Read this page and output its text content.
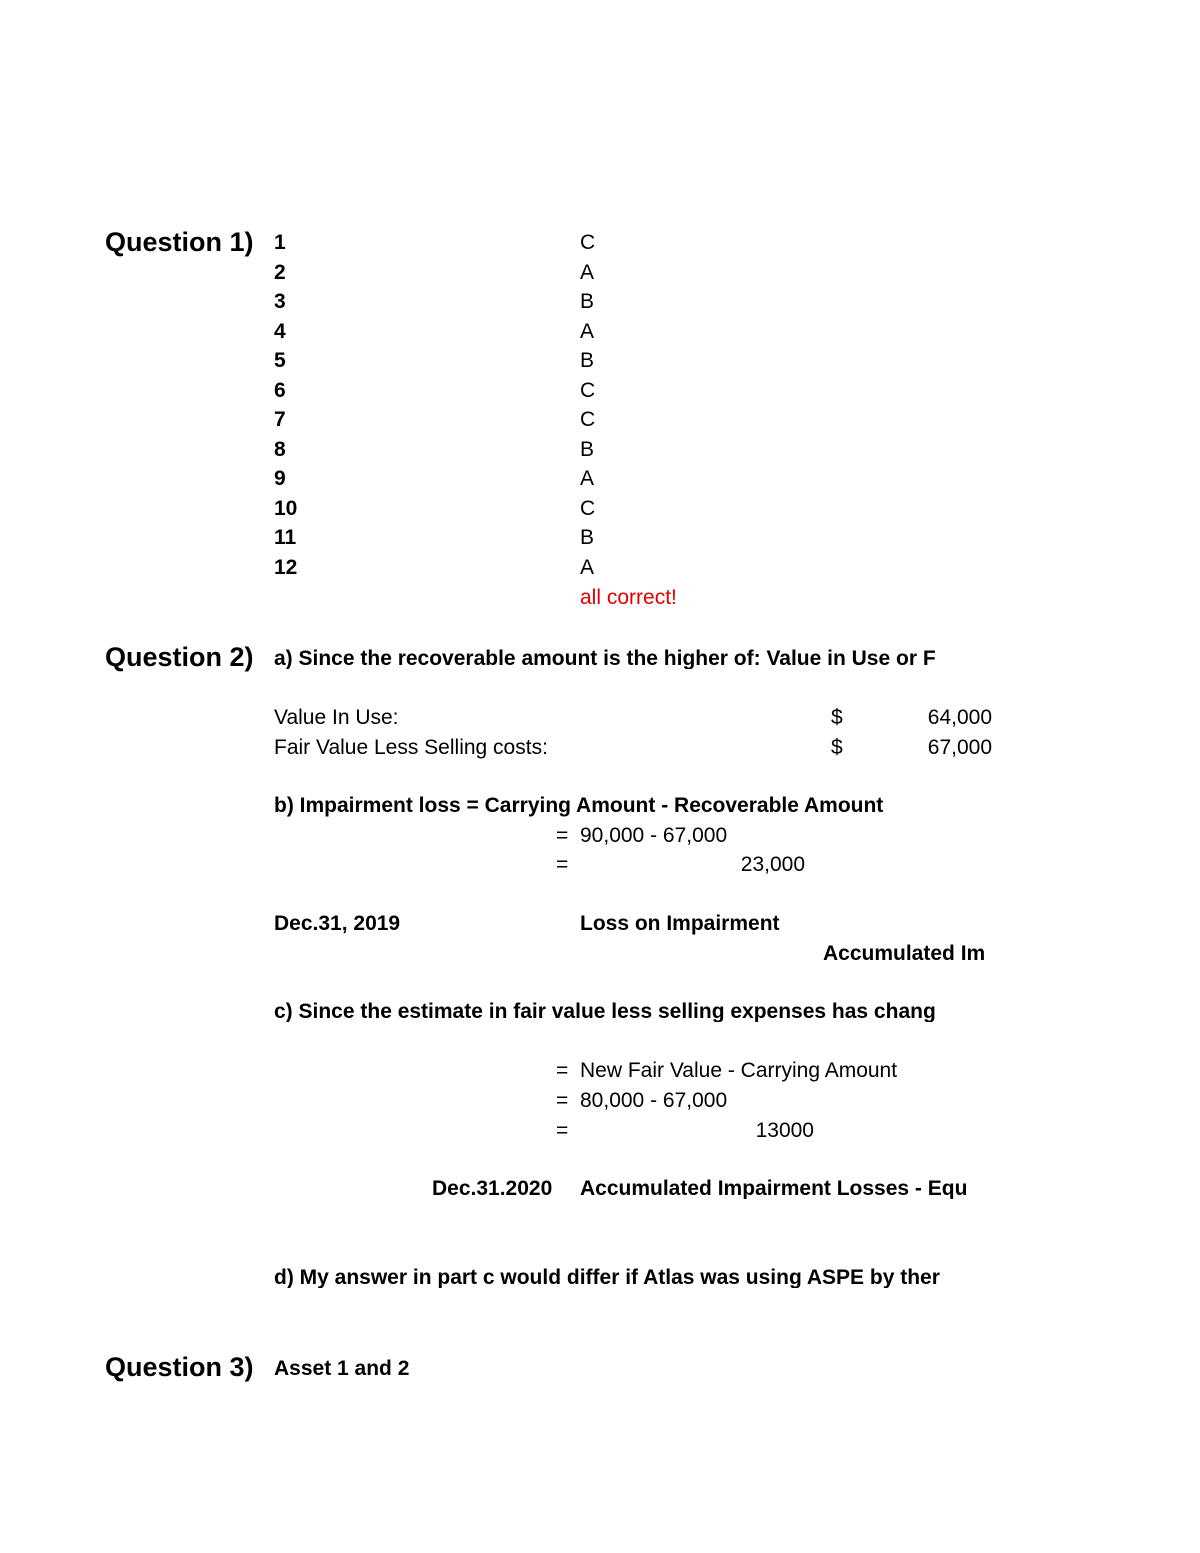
Question 1) 1	C
2	A
3	B
4	A
5	B
6	C
7	C
8	B
9	A
10	C
11	B
12	A
all correct!
Question 2) a) Since the recoverable amount is the higher of: Value in Use or F
Value In Use:	$	64,000
Fair Value Less Selling costs:	$	67,000
b) Impairment loss = Carrying Amount - Recoverable Amount
= 90,000 - 67,000
=	23,000
Dec.31, 2019	Loss on Impairment
Accumulated Im
c) Since the estimate in fair value less selling expenses has chang
= New Fair Value - Carrying Amount
= 80,000 - 67,000
=	13000
Dec.31.2020 Accumulated Impairment Losses - Equ
d) My answer in part c would differ if Atlas was using ASPE by ther
Question 3) Asset 1 and 2
